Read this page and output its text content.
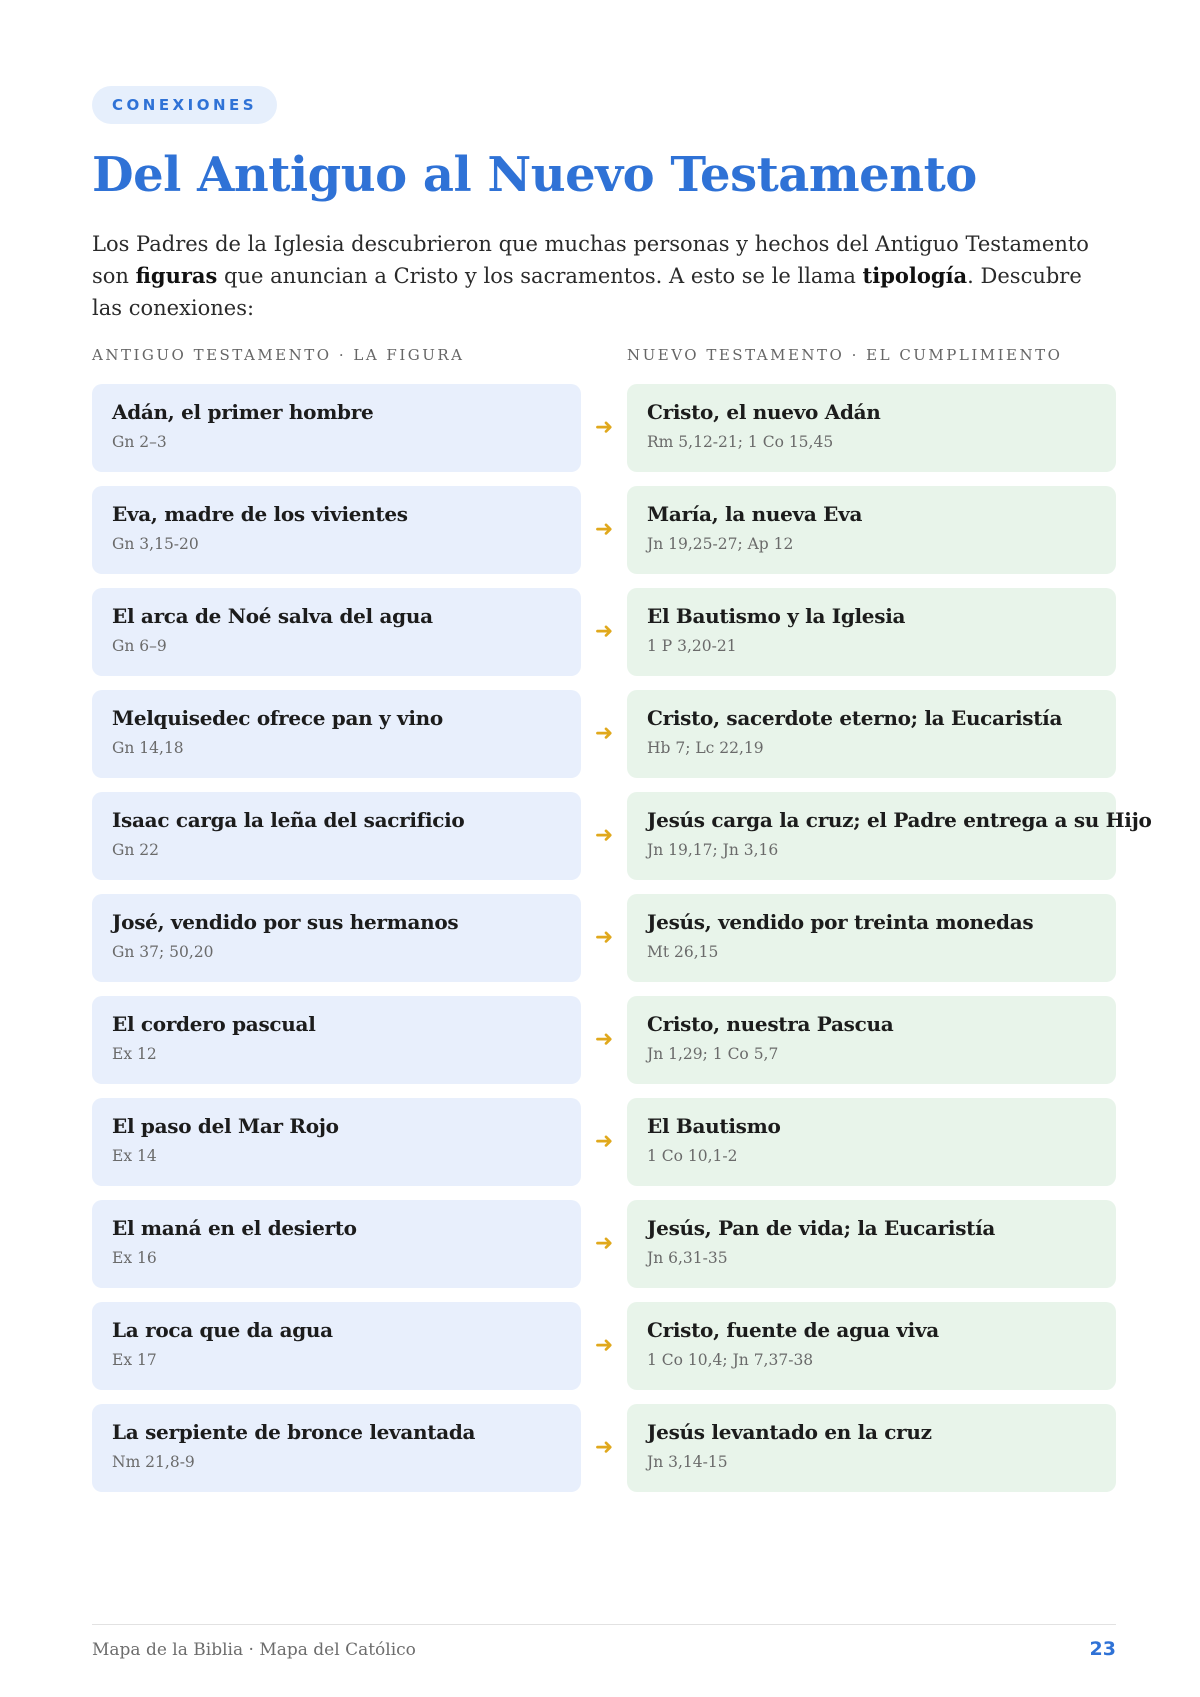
CONEXIONES
Del Antiguo al Nuevo Testamento

Los Padres de la Iglesia descubrieron que muchas personas y hechos del Antiguo Testamento son figuras que anuncian a Cristo y los sacramentos. A esto se le llama tipología. Descubre las conexiones:

ANTIGUO TESTAMENTO · LA FIGURA	NUEVO TESTAMENTO · EL CUMPLIMIENTO
Adán, el primer hombre
Gn 2–3
➜
Cristo, el nuevo Adán
Rm 5,12-21; 1 Co 15,45
Eva, madre de los vivientes
Gn 3,15-20
➜
María, la nueva Eva
Jn 19,25-27; Ap 12
El arca de Noé salva del agua
Gn 6–9
➜
El Bautismo y la Iglesia
1 P 3,20-21
Melquisedec ofrece pan y vino
Gn 14,18
➜
Cristo, sacerdote eterno; la Eucaristía
Hb 7; Lc 22,19
Isaac carga la leña del sacrificio
Gn 22
➜
Jesús carga la cruz; el Padre entrega a su Hijo
Jn 19,17; Jn 3,16
José, vendido por sus hermanos
Gn 37; 50,20
➜
Jesús, vendido por treinta monedas
Mt 26,15
El cordero pascual
Ex 12
➜
Cristo, nuestra Pascua
Jn 1,29; 1 Co 5,7
El paso del Mar Rojo
Ex 14
➜
El Bautismo
1 Co 10,1-2
El maná en el desierto
Ex 16
➜
Jesús, Pan de vida; la Eucaristía
Jn 6,31-35
La roca que da agua
Ex 17
➜
Cristo, fuente de agua viva
1 Co 10,4; Jn 7,37-38
La serpiente de bronce levantada
Nm 21,8-9
➜
Jesús levantado en la cruz
Jn 3,14-15
Mapa de la Biblia · Mapa del Católico	23
